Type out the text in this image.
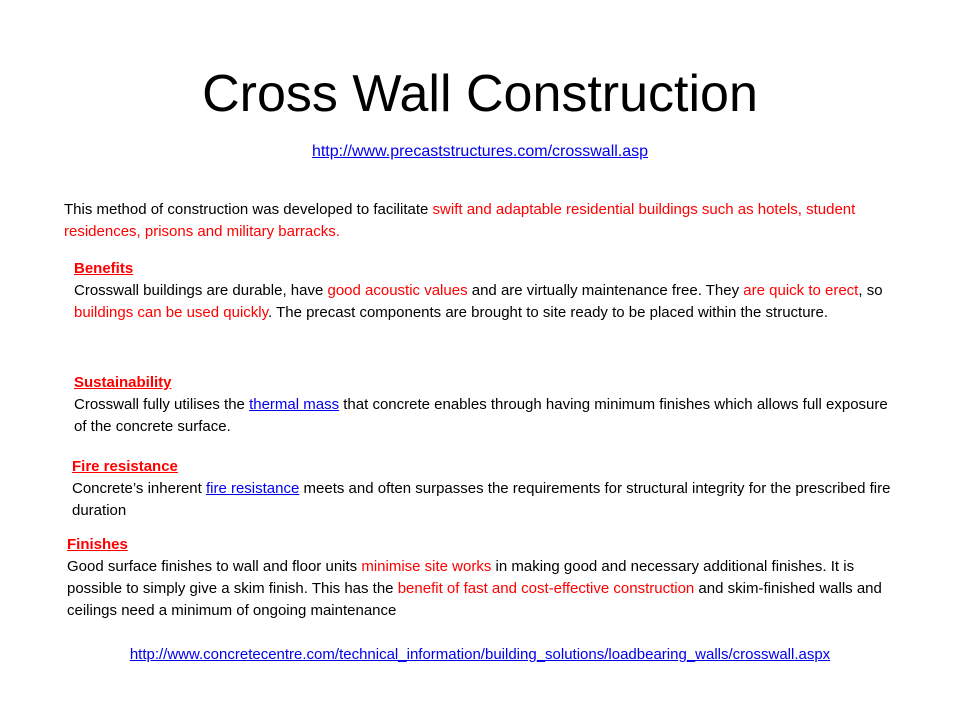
Cross Wall Construction
http://www.precaststructures.com/crosswall.asp
This method of construction was developed to facilitate swift and adaptable residential buildings such as hotels, student residences, prisons and military barracks.
Benefits
Crosswall buildings are durable, have good acoustic values and are virtually maintenance free. They are quick to erect, so buildings can be used quickly. The precast components are brought to site ready to be placed within the structure.
Sustainability
Crosswall fully utilises the thermal mass that concrete enables through having minimum finishes which allows full exposure of the concrete surface.
Fire resistance
Concrete’s inherent fire resistance meets and often surpasses the requirements for structural integrity for the prescribed fire duration
Finishes
Good surface finishes to wall and floor units minimise site works in making good and necessary additional finishes. It is possible to simply give a skim finish. This has the benefit of fast and cost-effective construction and skim-finished walls and ceilings need a minimum of ongoing maintenance
http://www.concretecentre.com/technical_information/building_solutions/loadbearing_walls/crosswall.aspx
